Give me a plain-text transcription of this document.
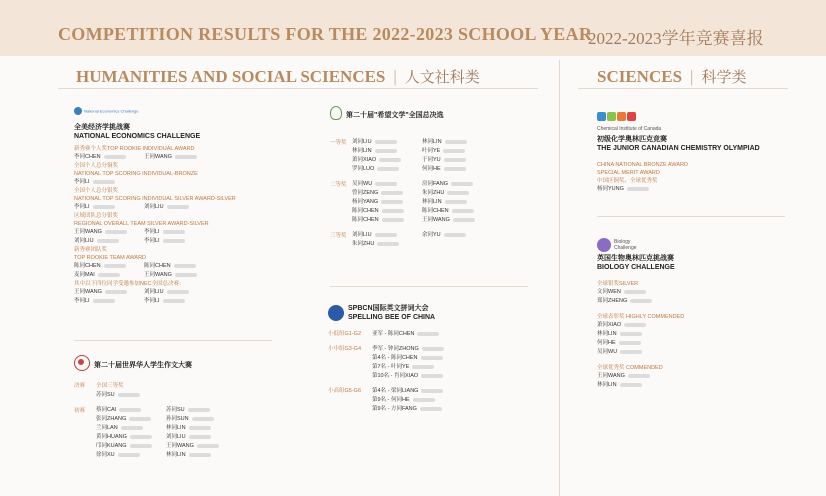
COMPETITION RESULTS FOR THE 2022-2023 SCHOOL YEAR
2022-2023学年竞赛喜报
HUMANITIES AND SOCIAL SCIENCES | 人文社科类	SCIENCES | 科学类
National Economics Challenge
全美经济学挑战赛
NATIONAL ECONOMICS CHALLENGE
新秀赛个人奖TOP ROOKIE INDIVIDUAL AWARD
李同CHEN	王同WANG
全国个人总分铜奖
NATIONAL TOP SCORING INDIVIDUAL-BRONZE
李同LI
全国个人总分银奖
NATIONAL TOP SCORING INDIVIDUAL SILVER AWARD-SILVER
李同LI	刘同LIU
区域团队总分银奖
REGIONAL OVERALL TEAM SILVER AWARD-SILVER
王同WANG	李同LI
刘同LIU	李同LI
新秀赛团队奖
TOP ROOKIE TEAM AWARD
陈同CHEN	陈同CHEN
麦同MAI	王同WANG
其中以下四位同学受邀参加NEC全国总决赛：
王同WANG	刘同LIU
李同LI	李同LI
第二十届世界华人学生作文大赛
决赛 全国三等奖
苏同SU
初赛	蔡同CAI	苏同SU
张同ZHANG	孙同SUN
兰同LAN	林同LIN
黄同HUANG	刘同LIU
邝同KUANG	王同WANG
徐同XU	林同LIN
第二十届"希望文学"全国总决选
一等奖 刘同LIU	林同LIN
林同LIN	叶同YE
萧同XIAO	于同YU
罗同LUO	何同HE
二等奖 吴同WU	房同FANG
曾同ZENG	朱同ZHU
杨同YANG	林同LIN
陈同CHEN	陈同CHEN
陈同CHEN	王同WANG
三等奖 刘同LIU	余同YU
朱同ZHU
SPBCN国际英文拼词大会
SPELLING BEE OF CHINA
小低组G1-G2	亚军 - 陈同CHEN
小中组G3-G4	季军 - 钟同ZHONG
第4名 - 陈同CHEN
第7名 - 叶同YE
第10名 - 肖同XIAO
小高组G5-G6	第4名 - 梁同LIANG
第9名 - 何同HE
第9名 - 方同FANG
Chemical Institute of Canada
初级化学奥林匹克竞赛
THE JUNIOR CANADIAN CHEMISTRY OLYMPIAD
CHINA NATIONAL BRONZE AWARD
SPECIAL MERIT AWARD
中国区铜奖、全球优秀奖
杨同YUNG
Biology Challenge
英国生物奥林匹克挑战赛
BIOLOGY CHALLENGE
全球银奖SILVER
文同WEN
郑同ZHENG
全球表彰奖 HIGHLY COMMENDED
萧同XIAO
林同LIN
何同HE
吴同WU
全球优秀奖 COMMENDED
王同WANG
林同LIN
